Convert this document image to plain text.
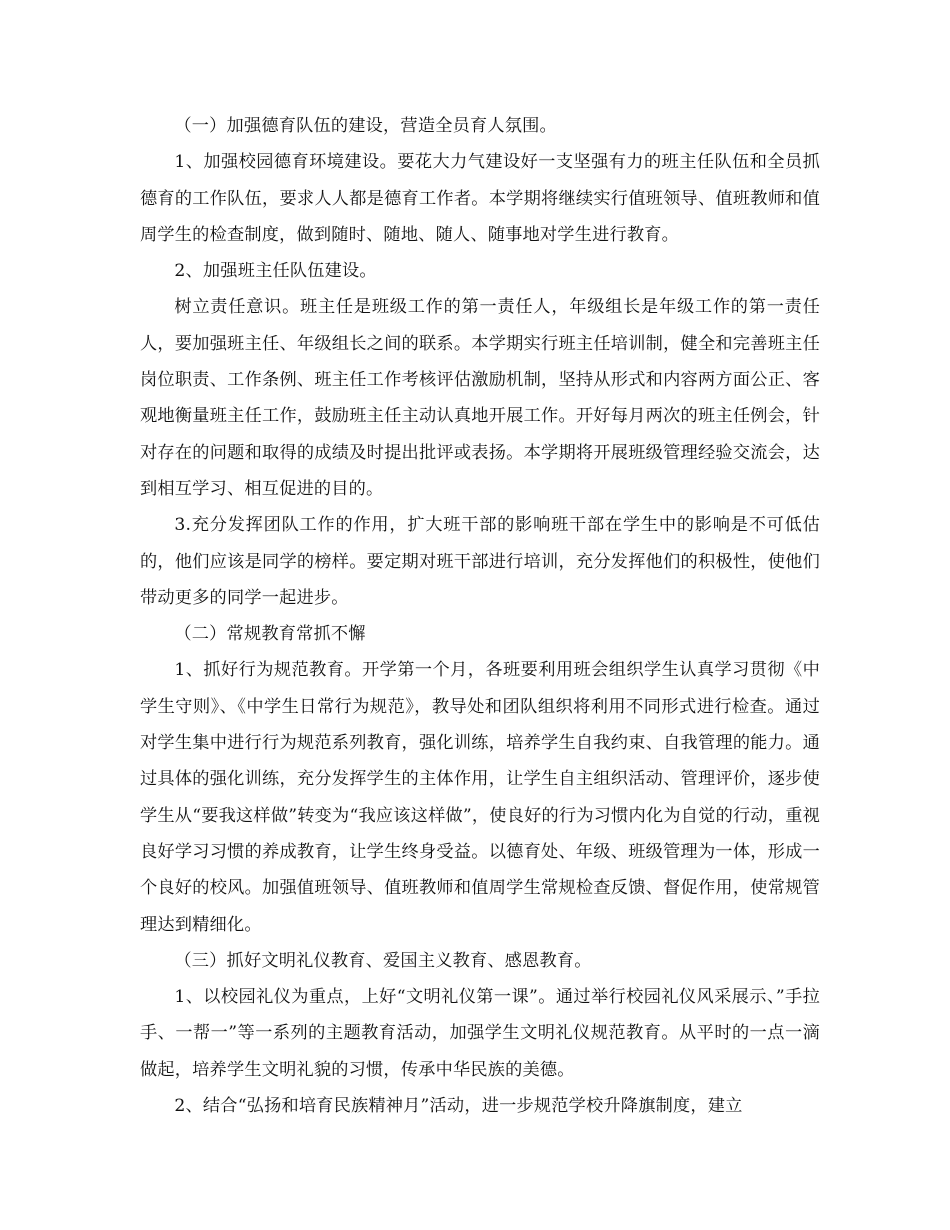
（一）加强德育队伍的建设，营造全员育人氛围。

1、加强校园德育环境建设。要花大力气建设好一支坚强有力的班主任队伍和全员抓德育的工作队伍，要求人人都是德育工作者。本学期将继续实行值班领导、值班教师和值周学生的检查制度，做到随时、随地、随人、随事地对学生进行教育。

2、加强班主任队伍建设。

树立责任意识。班主任是班级工作的第一责任人，年级组长是年级工作的第一责任人，要加强班主任、年级组长之间的联系。本学期实行班主任培训制，健全和完善班主任岗位职责、工作条例、班主任工作考核评估激励机制，坚持从形式和内容两方面公正、客观地衡量班主任工作，鼓励班主任主动认真地开展工作。开好每月两次的班主任例会，针对存在的问题和取得的成绩及时提出批评或表扬。本学期将开展班级管理经验交流会，达到相互学习、相互促进的目的。

3.充分发挥团队工作的作用，扩大班干部的影响班干部在学生中的影响是不可低估的，他们应该是同学的榜样。要定期对班干部进行培训，充分发挥他们的积极性，使他们带动更多的同学一起进步。

（二）常规教育常抓不懈

1、抓好行为规范教育。开学第一个月，各班要利用班会组织学生认真学习贯彻《中学生守则》、《中学生日常行为规范》，教导处和团队组织将利用不同形式进行检查。通过对学生集中进行行为规范系列教育，强化训练，培养学生自我约束、自我管理的能力。通过具体的强化训练，充分发挥学生的主体作用，让学生自主组织活动、管理评价，逐步使学生从“要我这样做”转变为“我应该这样做”，使良好的行为习惯内化为自觉的行动，重视良好学习习惯的养成教育，让学生终身受益。以德育处、年级、班级管理为一体，形成一个良好的校风。加强值班领导、值班教师和值周学生常规检查反馈、督促作用，使常规管理达到精细化。

（三）抓好文明礼仪教育、爱国主义教育、感恩教育。

1、以校园礼仪为重点，上好“文明礼仪第一课”。通过举行校园礼仪风采展示、”手拉手、一帮一”等一系列的主题教育活动，加强学生文明礼仪规范教育。从平时的一点一滴做起，培养学生文明礼貌的习惯，传承中华民族的美德。

2、结合“弘扬和培育民族精神月”活动，进一步规范学校升降旗制度，建立
